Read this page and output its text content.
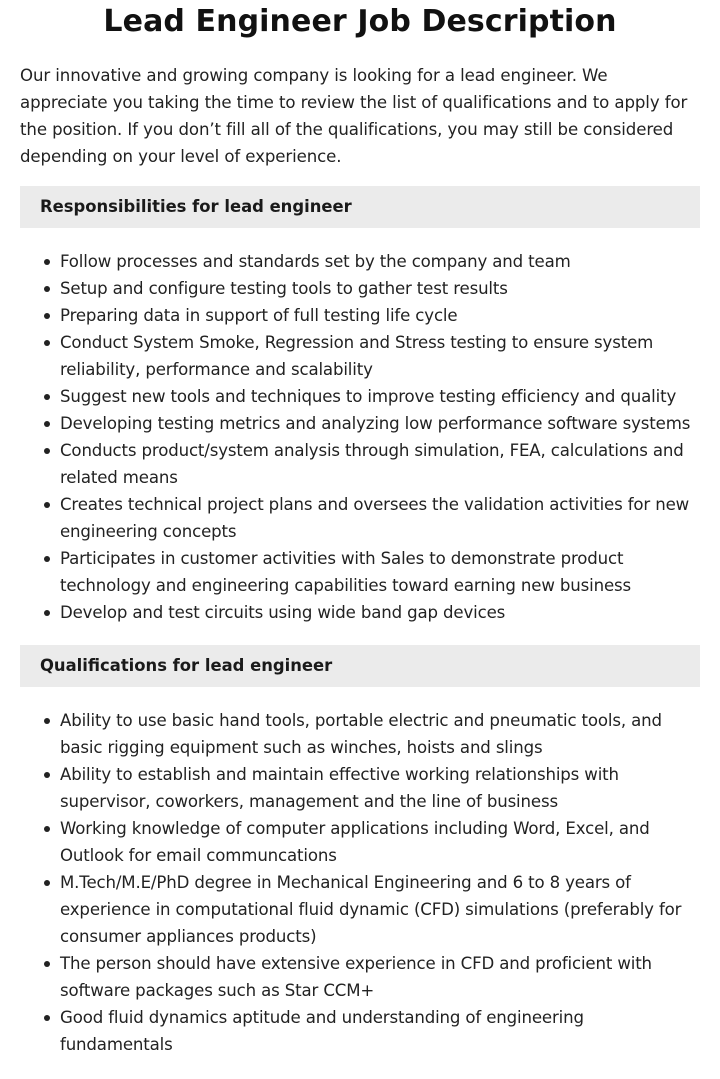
Lead Engineer Job Description

Our innovative and growing company is looking for a lead engineer. We appreciate you taking the time to review the list of qualifications and to apply for the position. If you don’t fill all of the qualifications, you may still be considered depending on your level of experience.

Responsibilities for lead engineer
Follow processes and standards set by the company and team
Setup and configure testing tools to gather test results
Preparing data in support of full testing life cycle
Conduct System Smoke, Regression and Stress testing to ensure system reliability, performance and scalability
Suggest new tools and techniques to improve testing efficiency and quality
Developing testing metrics and analyzing low performance software systems
Conducts product/system analysis through simulation, FEA, calculations and related means
Creates technical project plans and oversees the validation activities for new engineering concepts
Participates in customer activities with Sales to demonstrate product technology and engineering capabilities toward earning new business
Develop and test circuits using wide band gap devices
Qualifications for lead engineer
Ability to use basic hand tools, portable electric and pneumatic tools, and basic rigging equipment such as winches, hoists and slings
Ability to establish and maintain effective working relationships with supervisor, coworkers, management and the line of business
Working knowledge of computer applications including Word, Excel, and Outlook for email communcations
M.Tech/M.E/PhD degree in Mechanical Engineering and 6 to 8 years of experience in computational fluid dynamic (CFD) simulations (preferably for consumer appliances products)
The person should have extensive experience in CFD and proficient with software packages such as Star CCM+
Good fluid dynamics aptitude and understanding of engineering fundamentals
